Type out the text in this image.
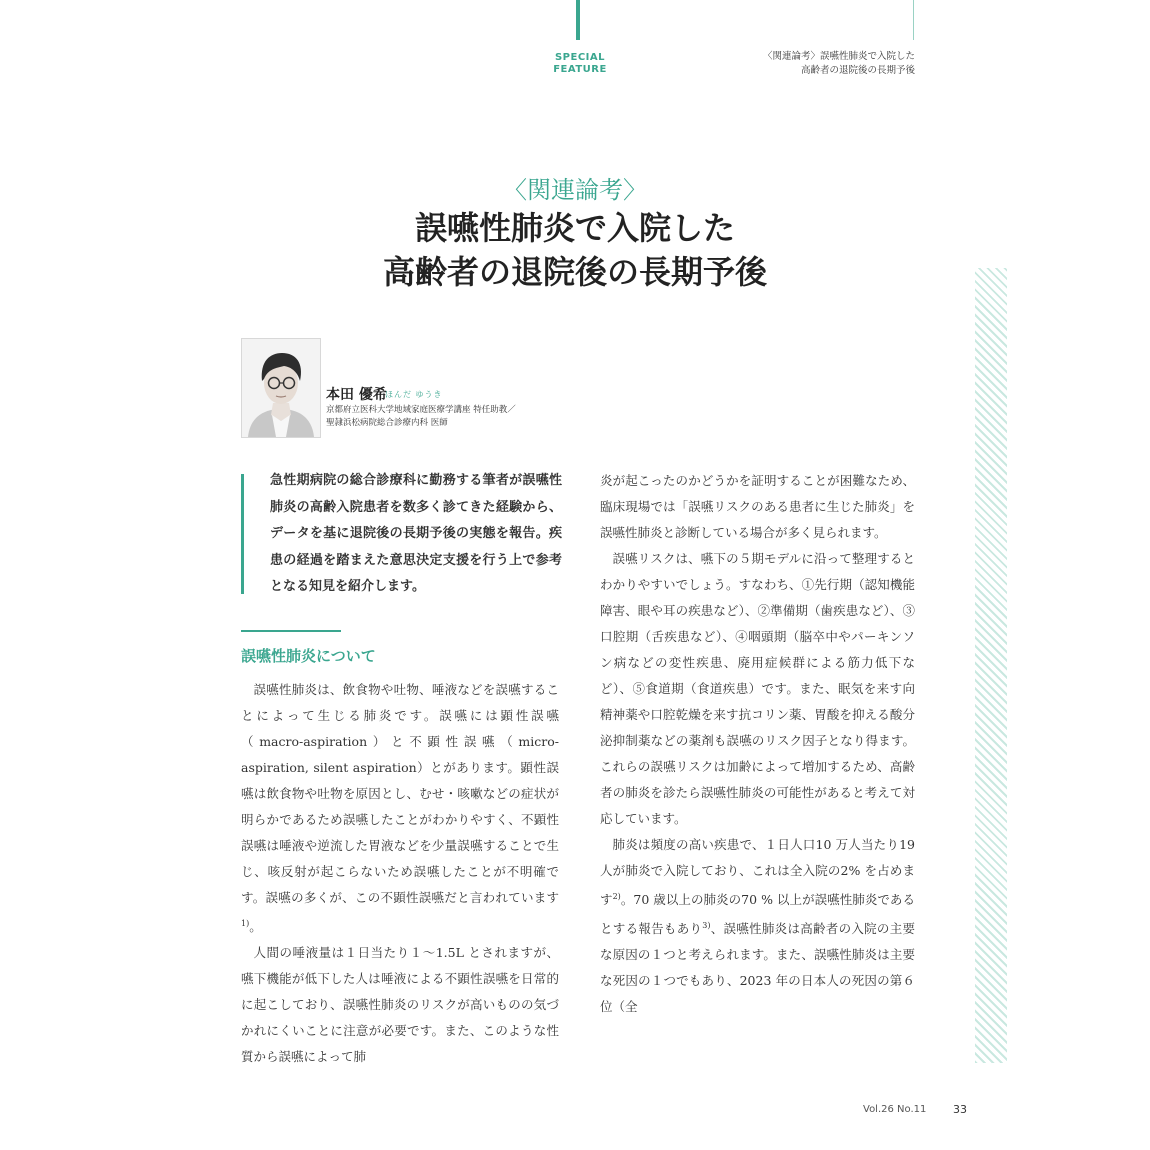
SPECIAL
FEATURE
〈関連論考〉誤嚥性肺炎で入院した
高齢者の退院後の長期予後
〈関連論考〉
誤嚥性肺炎で入院した
高齢者の退院後の長期予後
本田 優希
ほんだ ゆうき
京都府立医科大学地域家庭医療学講座 特任助教／
聖隷浜松病院総合診療内科 医師
急性期病院の総合診療科に勤務する筆者が誤嚥性肺炎の高齢入院患者を数多く診てきた経験から、データを基に退院後の長期予後の実態を報告。疾患の経過を踏まえた意思決定支援を行う上で参考となる知見を紹介します。
誤嚥性肺炎について

誤嚥性肺炎は、飲食物や吐物、唾液などを誤嚥することによって生じる肺炎です。誤嚥には顕性誤嚥（macro-aspiration）と不顕性誤嚥（micro-aspiration, silent aspiration）とがあります。顕性誤嚥は飲食物や吐物を原因とし、むせ・咳嗽などの症状が明らかであるため誤嚥したことがわかりやすく、不顕性誤嚥は唾液や逆流した胃液などを少量誤嚥することで生じ、咳反射が起こらないため誤嚥したことが不明確です。誤嚥の多くが、この不顕性誤嚥だと言われています$^{1)}$。

人間の唾液量は１日当たり１～1.5L とされますが、嚥下機能が低下した人は唾液による不顕性誤嚥を日常的に起こしており、誤嚥性肺炎のリスクが高いものの気づかれにくいことに注意が必要です。また、このような性質から誤嚥によって肺

炎が起こったのかどうかを証明することが困難なため、臨床現場では「誤嚥リスクのある患者に生じた肺炎」を誤嚥性肺炎と診断している場合が多く見られます。

誤嚥リスクは、嚥下の５期モデルに沿って整理するとわかりやすいでしょう。すなわち、①先行期（認知機能障害、眼や耳の疾患など）、②準備期（歯疾患など）、③口腔期（舌疾患など）、④咽頭期（脳卒中やパーキンソン病などの変性疾患、廃用症候群による筋力低下など）、⑤食道期（食道疾患）です。また、眠気を来す向精神薬や口腔乾燥を来す抗コリン薬、胃酸を抑える酸分泌抑制薬などの薬剤も誤嚥のリスク因子となり得ます。これらの誤嚥リスクは加齢によって増加するため、高齢者の肺炎を診たら誤嚥性肺炎の可能性があると考えて対応しています。

肺炎は頻度の高い疾患で、１日人口10 万人当たり19 人が肺炎で入院しており、これは全入院の2% を占めます$^{2)}$。70 歳以上の肺炎の70 % 以上が誤嚥性肺炎であるとする報告もあり$^{3)}$、誤嚥性肺炎は高齢者の入院の主要な原因の１つと考えられます。また、誤嚥性肺炎は主要な死因の１つでもあり、2023 年の日本人の死因の第６位（全

Vol.26 No.11 33
